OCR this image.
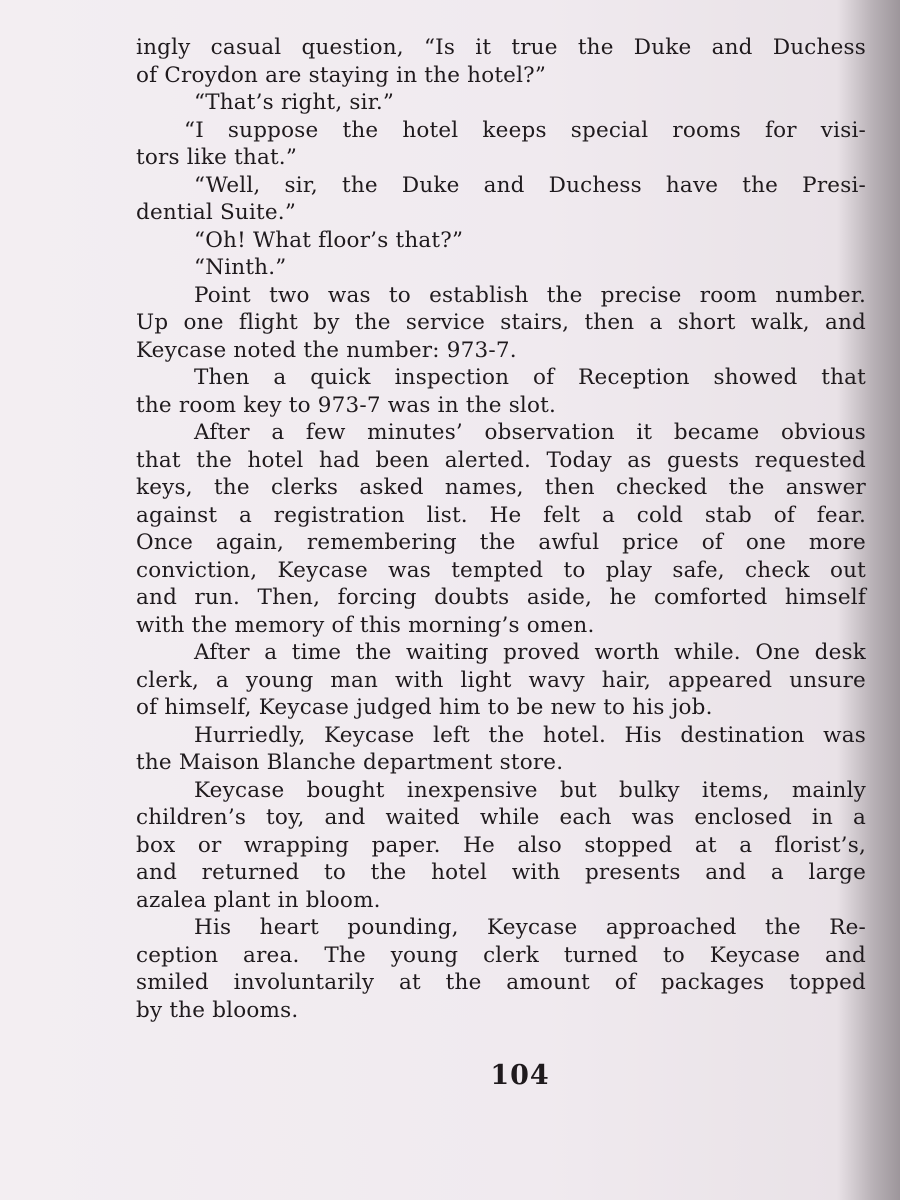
ingly casual question, “Is it true the Duke and Duchess
of Croydon are staying in the hotel?”
“That’s right, sir.”
“I suppose the hotel keeps special rooms for visi-
tors like that.”
“Well, sir, the Duke and Duchess have the Presi-
dential Suite.”
“Oh! What floor’s that?”
“Ninth.”
Point two was to establish the precise room number.
Up one flight by the service stairs, then a short walk, and
Keycase noted the number: 973-7.
Then a quick inspection of Reception showed that
the room key to 973-7 was in the slot.
After a few minutes’ observation it became obvious
that the hotel had been alerted. Today as guests requested
keys, the clerks asked names, then checked the answer
against a registration list. He felt a cold stab of fear.
Once again, remembering the awful price of one more
conviction, Keycase was tempted to play safe, check out
and run. Then, forcing doubts aside, he comforted himself
with the memory of this morning’s omen.
After a time the waiting proved worth while. One desk
clerk, a young man with light wavy hair, appeared unsure
of himself, Keycase judged him to be new to his job.
Hurriedly, Keycase left the hotel. His destination was
the Maison Blanche department store.
Keycase bought inexpensive but bulky items, mainly
children’s toy, and waited while each was enclosed in a
box or wrapping paper. He also stopped at a florist’s,
and returned to the hotel with presents and a large
azalea plant in bloom.
His heart pounding, Keycase approached the Re-
ception area. The young clerk turned to Keycase and
smiled involuntarily at the amount of packages topped
by the blooms.
104
